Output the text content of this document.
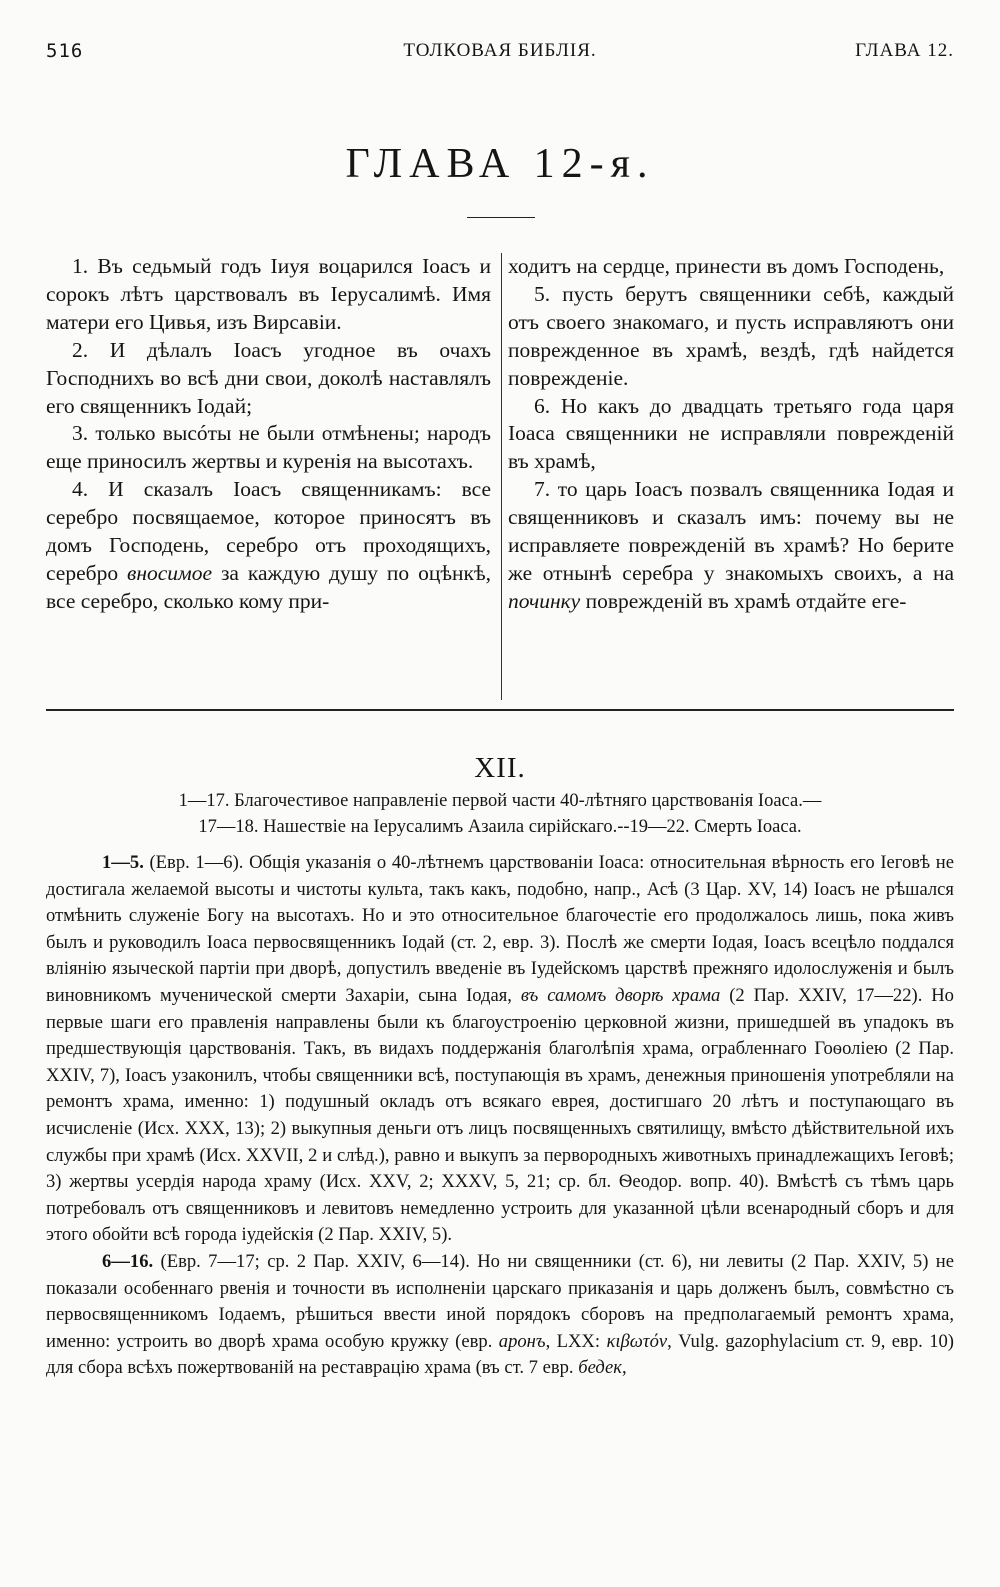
516	ТОЛКОВАЯ БИБЛІЯ.	ГЛАВА 12.
ГЛАВА 12-я.

1. Въ седьмый годъ Іиуя воцарился Іоасъ и сорокъ лѣтъ царствовалъ въ Іерусалимѣ. Имя матери его Цивья, изъ Вирсавіи.

2. И дѣлалъ Іоасъ угодное въ очахъ Господнихъ во всѣ дни свои, доколѣ наставлялъ его священникъ Іодай;

3. только высóты не были отмѣнены; народъ еще приносилъ жертвы и куренія на высотахъ.

4. И сказалъ Іоасъ священникамъ: все серебро посвящаемое, которое приносятъ въ домъ Господень, серебро отъ проходящихъ, серебро вносимое за каждую душу по оцѣнкѣ, все серебро, сколько кому при-

ходитъ на сердце, принести въ домъ Господень,

5. пусть берутъ священники себѣ, каждый отъ своего знакомаго, и пусть исправляютъ они поврежденное въ храмѣ, вездѣ, гдѣ найдется поврежденіе.

6. Но какъ до двадцать третьяго года царя Іоаса священники не исправляли поврежденій въ храмѣ,

7. то царь Іоасъ позвалъ священника Іодая и священниковъ и сказалъ имъ: почему вы не исправляете поврежденій въ храмѣ? Но берите же отнынѣ серебра у знакомыхъ своихъ, а на починку поврежденій въ храмѣ отдайте еге-

XII.

1—17. Благочестивое направленіе первой части 40-лѣтняго царствованія Іоаса.—

17—18. Нашествіе на Іерусалимъ Азаила сирійскаго.--19—22. Смерть Іоаса.

1—5. (Евр. 1—6). Общія указанія о 40-лѣтнемъ царствованіи Іоаса: относительная вѣрность его Іеговѣ не достигала желаемой высоты и чистоты культа, такъ какъ, подобно, напр., Асѣ (3 Цар. XV, 14) Іоасъ не рѣшался отмѣнить служеніе Богу на высотахъ. Но и это относительное благочестіе его продолжалось лишь, пока живъ былъ и руководилъ Іоаса первосвященникъ Іодай (ст. 2, евр. 3). Послѣ же смерти Іодая, Іоасъ всецѣло поддался вліянію языческой партіи при дворѣ, допустилъ введеніе въ Іудейскомъ царствѣ прежняго идолослуженія и былъ виновникомъ мученической смерти Захаріи, сына Іодая, въ самомъ дворѣ храма (2 Пар. XXIV, 17—22). Но первые шаги его правленія направлены были къ благоустроенію церковной жизни, пришедшей въ упадокъ въ предшествующія царствованія. Такъ, въ видахъ поддержанія благолѣпія храма, ограбленнаго Гоѳоліею (2 Пар. XXIV, 7), Іоасъ узаконилъ, чтобы священники всѣ, поступающія въ храмъ, денежныя приношенія употребляли на ремонтъ храма, именно: 1) подушный окладъ отъ всякаго еврея, достигшаго 20 лѣтъ и поступающаго въ исчисленіе (Исх. XXX, 13); 2) выкупныя деньги отъ лицъ посвященныхъ святилищу, вмѣсто дѣйствительной ихъ службы при храмѣ (Исх. XXVII, 2 и слѣд.), равно и выкупъ за первородныхъ животныхъ принадлежащихъ Іеговѣ; 3) жертвы усердія народа храму (Исх. XXV, 2; XXXV, 5, 21; ср. бл. Ѳеодор. вопр. 40). Вмѣстѣ съ тѣмъ царь потребовалъ отъ священниковъ и левитовъ немедленно устроить для указанной цѣли всенародный сборъ и для этого обойти всѣ города іудейскія (2 Пар. XXIV, 5).

6—16. (Евр. 7—17; ср. 2 Пар. XXIV, 6—14). Но ни священники (ст. 6), ни левиты (2 Пар. XXIV, 5) не показали особеннаго рвенія и точности въ исполненіи царскаго приказанія и царь долженъ былъ, совмѣстно съ первосвященникомъ Іодаемъ, рѣшиться ввести иной порядокъ сборовъ на предполагаемый ремонтъ храма, именно: устроить во дворѣ храма особую кружку (евр. аронъ, LXX: κιβωτόν, Vulg. gazophylacium ст. 9, евр. 10) для сбора всѣхъ пожертвованій на реставрацію храма (въ ст. 7 евр. бедек,
